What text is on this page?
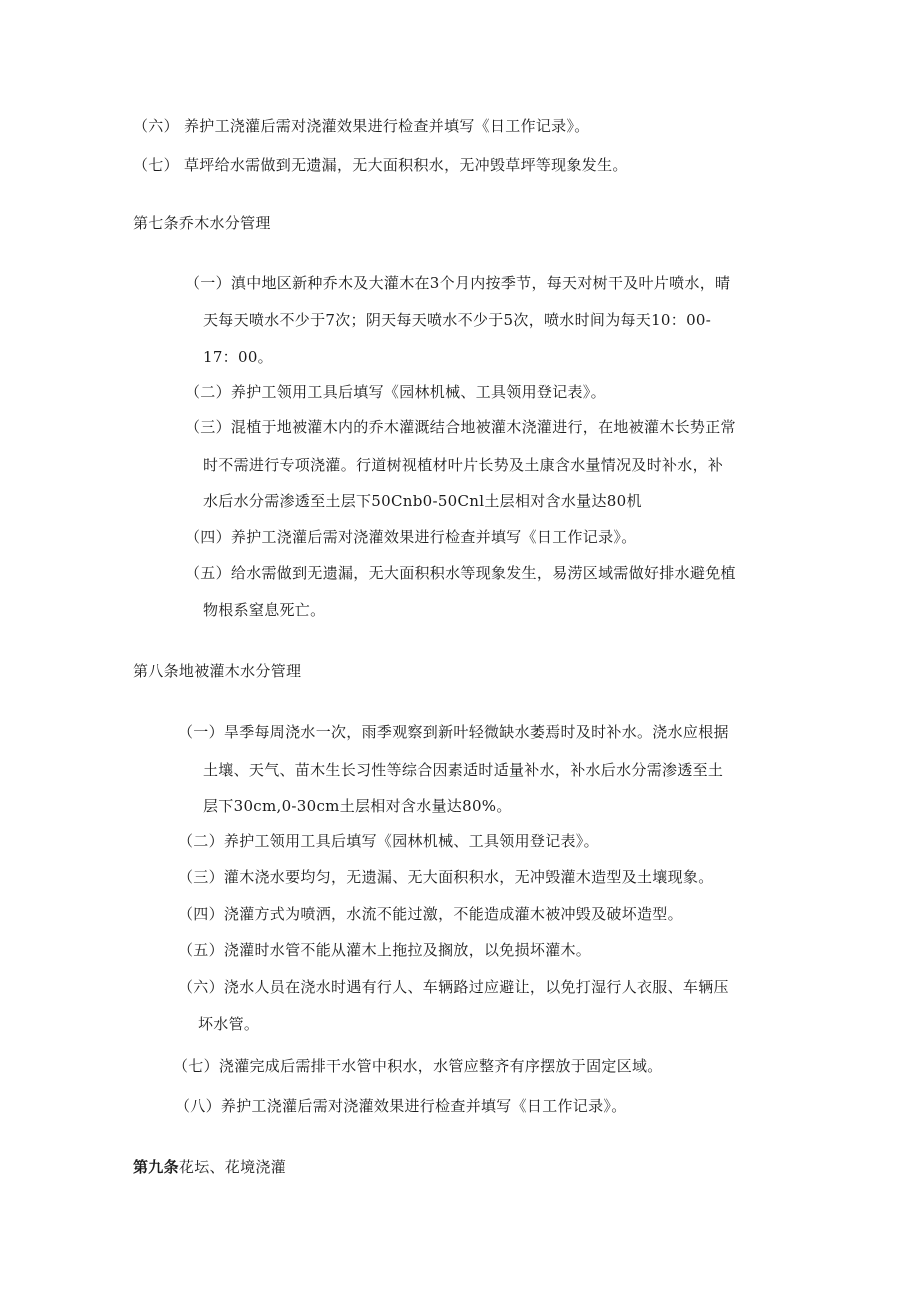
（六） 养护工浇灌后需对浇灌效果进行检查并填写《日工作记录》。
（七） 草坪给水需做到无遗漏，无大面积积水，无冲毁草坪等现象发生。
第七条乔木水分管理
（一）滇中地区新种乔木及大灌木在3个月内按季节，每天对树干及叶片喷水，晴
天每天喷水不少于7次；阴天每天喷水不少于5次，喷水时间为每天10：00-
17：00。
（二）养护工领用工具后填写《园林机械、工具领用登记表》。
（三）混植于地被灌木内的乔木灌溉结合地被灌木浇灌进行，在地被灌木长势正常
时不需进行专项浇灌。行道树视植材叶片长势及土康含水量情况及时补水，补
水后水分需渗透至土层下50Cnb0-50Cnl土层相对含水量达80机
（四）养护工浇灌后需对浇灌效果进行检查并填写《日工作记录》。
（五）给水需做到无遗漏，无大面积积水等现象发生，易涝区域需做好排水避免植
物根系窒息死亡。
第八条地被灌木水分管理
（一）旱季每周浇水一次，雨季观察到新叶轻微缺水萎焉时及时补水。浇水应根据
土壤、天气、苗木生长习性等综合因素适时适量补水，补水后水分需渗透至土
层下30cm,0-30cm土层相对含水量达80%。
（二）养护工领用工具后填写《园林机械、工具领用登记表》。
（三）灌木浇水要均匀，无遗漏、无大面积积水，无冲毁灌木造型及土壤现象。
（四）浇灌方式为喷洒，水流不能过激，不能造成灌木被冲毁及破坏造型。
（五）浇灌时水管不能从灌木上拖拉及搁放，以免损坏灌木。
（六）浇水人员在浇水时遇有行人、车辆路过应避让，以免打湿行人衣服、车辆压
坏水管。
（七）浇灌完成后需排干水管中积水，水管应整齐有序摆放于固定区域。
（八）养护工浇灌后需对浇灌效果进行检查并填写《日工作记录》。
第九条花坛、花境浇灌
